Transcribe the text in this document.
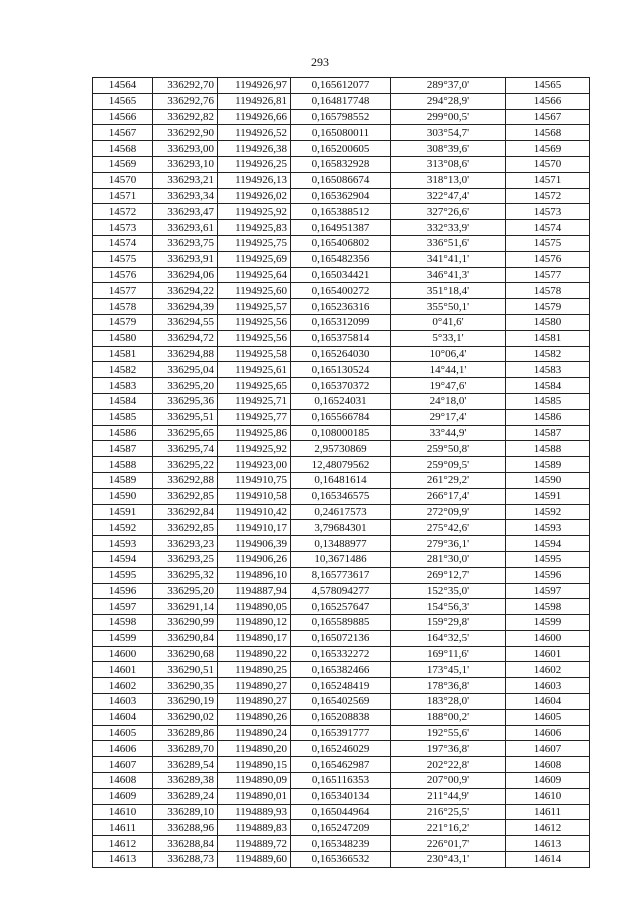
293
14564	336292,70	1194926,97	0,165612077	289°37,0'	14565
14565	336292,76	1194926,81	0,164817748	294°28,9'	14566
14566	336292,82	1194926,66	0,165798552	299°00,5'	14567
14567	336292,90	1194926,52	0,165080011	303°54,7'	14568
14568	336293,00	1194926,38	0,165200605	308°39,6'	14569
14569	336293,10	1194926,25	0,165832928	313°08,6'	14570
14570	336293,21	1194926,13	0,165086674	318°13,0'	14571
14571	336293,34	1194926,02	0,165362904	322°47,4'	14572
14572	336293,47	1194925,92	0,165388512	327°26,6'	14573
14573	336293,61	1194925,83	0,164951387	332°33,9'	14574
14574	336293,75	1194925,75	0,165406802	336°51,6'	14575
14575	336293,91	1194925,69	0,165482356	341°41,1'	14576
14576	336294,06	1194925,64	0,165034421	346°41,3'	14577
14577	336294,22	1194925,60	0,165400272	351°18,4'	14578
14578	336294,39	1194925,57	0,165236316	355°50,1'	14579
14579	336294,55	1194925,56	0,165312099	0°41,6'	14580
14580	336294,72	1194925,56	0,165375814	5°33,1'	14581
14581	336294,88	1194925,58	0,165264030	10°06,4'	14582
14582	336295,04	1194925,61	0,165130524	14°44,1'	14583
14583	336295,20	1194925,65	0,165370372	19°47,6'	14584
14584	336295,36	1194925,71	0,16524031	24°18,0'	14585
14585	336295,51	1194925,77	0,165566784	29°17,4'	14586
14586	336295,65	1194925,86	0,108000185	33°44,9'	14587
14587	336295,74	1194925,92	2,95730869	259°50,8'	14588
14588	336295,22	1194923,00	12,48079562	259°09,5'	14589
14589	336292,88	1194910,75	0,16481614	261°29,2'	14590
14590	336292,85	1194910,58	0,165346575	266°17,4'	14591
14591	336292,84	1194910,42	0,24617573	272°09,9'	14592
14592	336292,85	1194910,17	3,79684301	275°42,6'	14593
14593	336293,23	1194906,39	0,13488977	279°36,1'	14594
14594	336293,25	1194906,26	10,3671486	281°30,0'	14595
14595	336295,32	1194896,10	8,165773617	269°12,7'	14596
14596	336295,20	1194887,94	4,578094277	152°35,0'	14597
14597	336291,14	1194890,05	0,165257647	154°56,3'	14598
14598	336290,99	1194890,12	0,165589885	159°29,8'	14599
14599	336290,84	1194890,17	0,165072136	164°32,5'	14600
14600	336290,68	1194890,22	0,165332272	169°11,6'	14601
14601	336290,51	1194890,25	0,165382466	173°45,1'	14602
14602	336290,35	1194890,27	0,165248419	178°36,8'	14603
14603	336290,19	1194890,27	0,165402569	183°28,0'	14604
14604	336290,02	1194890,26	0,165208838	188°00,2'	14605
14605	336289,86	1194890,24	0,165391777	192°55,6'	14606
14606	336289,70	1194890,20	0,165246029	197°36,8'	14607
14607	336289,54	1194890,15	0,165462987	202°22,8'	14608
14608	336289,38	1194890,09	0,165116353	207°00,9'	14609
14609	336289,24	1194890,01	0,165340134	211°44,9'	14610
14610	336289,10	1194889,93	0,165044964	216°25,5'	14611
14611	336288,96	1194889,83	0,165247209	221°16,2'	14612
14612	336288,84	1194889,72	0,165348239	226°01,7'	14613
14613	336288,73	1194889,60	0,165366532	230°43,1'	14614
